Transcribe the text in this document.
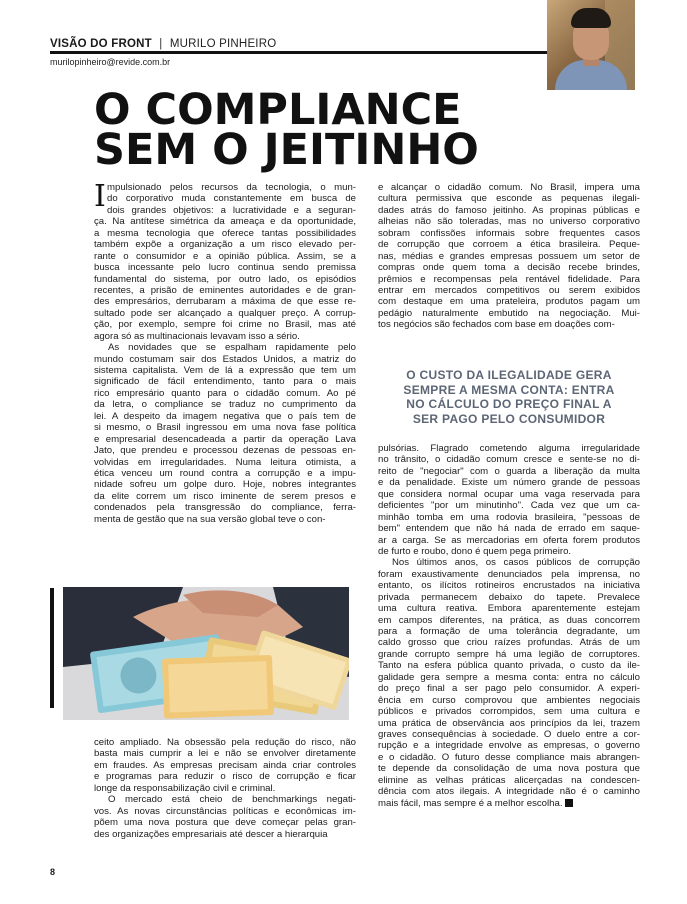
VISÃO DO FRONT | MURILO PINHEIRO
murilopinheiro@revide.com.br
O COMPLIANCE
SEM O JEITINHO
I mpulsionado pelos recursos da tecnologia, o mun-
do corporativo muda constantemente em busca de
dois grandes objetivos: a lucratividade e a seguran-
ça. Na antítese simétrica da ameaça e da oportunidade,
a mesma tecnologia que oferece tantas possibilidades
também expõe a organização a um risco elevado per-
rante o consumidor e a opinião pública. Assim, se a
busca incessante pelo lucro continua sendo premissa
fundamental do sistema, por outro lado, os episódios
recentes, a prisão de eminentes autoridades e de gran-
des empresários, derrubaram a máxima de que esse re-
sultado pode ser alcançado a qualquer preço. A corrup-
ção, por exemplo, sempre foi crime no Brasil, mas até
agora só as multinacionais levavam isso a sério.
As novidades que se espalham rapidamente pelo
mundo costumam sair dos Estados Unidos, a matriz do
sistema capitalista. Vem de lá a expressão que tem um
significado de fácil entendimento, tanto para o mais
rico empresário quanto para o cidadão comum. Ao pé
da letra, o compliance se traduz no cumprimento da
lei. A despeito da imagem negativa que o país tem de
si mesmo, o Brasil ingressou em uma nova fase política
e empresarial desencadeada a partir da operação Lava
Jato, que prendeu e processou dezenas de pessoas en-
volvidas em irregularidades. Numa leitura otimista, a
ética venceu um round contra a corrupção e a impu-
nidade sofreu um golpe duro. Hoje, nobres integrantes
da elite correm um risco iminente de serem presos e
condenados pela transgressão do compliance, ferra-
menta de gestão que na sua versão global teve o con-
ceito ampliado. Na obsessão pela redução do risco, não
basta mais cumprir a lei e não se envolver diretamente
em fraudes. As empresas precisam ainda criar controles
e programas para reduzir o risco de corrupção e ficar
longe da responsabilização civil e criminal.
O mercado está cheio de benchmarkings negati-
vos. As novas circunstâncias políticas e econômicas im-
põem uma nova postura que deve começar pelas gran-
des organizações empresariais até descer a hierarquia
e alcançar o cidadão comum. No Brasil, impera uma
cultura permissiva que esconde as pequenas ilegali-
dades atrás do famoso jeitinho. As propinas públicas e
alheias não são toleradas, mas no universo corporativo
sobram confissões informais sobre frequentes casos
de corrupção que corroem a ética brasileira. Peque-
nas, médias e grandes empresas possuem um setor de
compras onde quem toma a decisão recebe brindes,
prêmios e recompensas pela rentável fidelidade. Para
entrar em mercados competitivos ou serem exibidos
com destaque em uma prateleira, produtos pagam um
pedágio naturalmente embutido na negociação. Mui-
tos negócios são fechados com base em doações com-
O CUSTO DA ILEGALIDADE GERA
SEMPRE A MESMA CONTA: ENTRA
NO CÁLCULO DO PREÇO FINAL A
SER PAGO PELO CONSUMIDOR
pulsórias. Flagrado cometendo alguma irregularidade
no trânsito, o cidadão comum cresce e sente-se no di-
reito de "negociar" com o guarda a liberação da multa
e da penalidade. Existe um número grande de pessoas
que considera normal ocupar uma vaga reservada para
deficientes "por um minutinho". Cada vez que um ca-
minhão tomba em uma rodovia brasileira, "pessoas de
bem" entendem que não há nada de errado em saque-
ar a carga. Se as mercadorias em oferta forem produtos
de furto e roubo, dono é quem pega primeiro.
Nos últimos anos, os casos públicos de corrupção
foram exaustivamente denunciados pela imprensa, no
entanto, os ilícitos rotineiros encrustados na iniciativa
privada permanecem debaixo do tapete. Prevalece
uma cultura reativa. Embora aparentemente estejam
em campos diferentes, na prática, as duas concorrem
para a formação de uma tolerância degradante, um
caldo grosso que criou raízes profundas. Atrás de um
grande corrupto sempre há uma legião de corruptores.
Tanto na esfera pública quanto privada, o custo da ile-
galidade gera sempre a mesma conta: entra no cálculo
do preço final a ser pago pelo consumidor. A experi-
ência em curso comprovou que ambientes negociais
públicos e privados corrompidos, sem uma cultura e
uma prática de observância aos princípios da lei, trazem
graves consequências à sociedade. O duelo entre a cor-
rupção e a integridade envolve as empresas, o governo
e o cidadão. O futuro desse compliance mais abrangen-
te depende da consolidação de uma nova postura que
elimine as velhas práticas alicerçadas na condescen-
dência com atos ilegais. A integridade não é o caminho
mais fácil, mas sempre é a melhor escolha.
8
